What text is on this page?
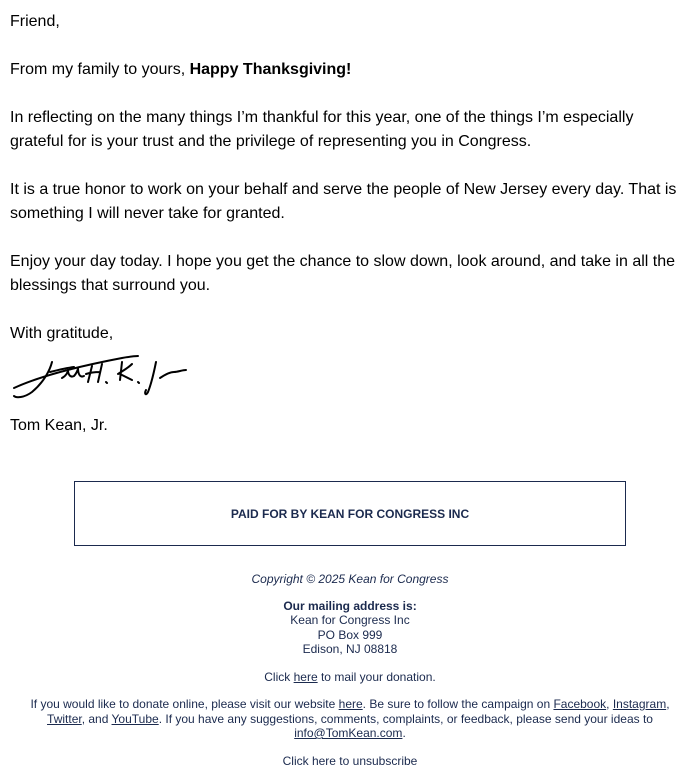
Friend,

From my family to yours, Happy Thanksgiving!

In reflecting on the many things I’m thankful for this year, one of the things I’m especially grateful for is your trust and the privilege of representing you in Congress.

It is a true honor to work on your behalf and serve the people of New Jersey every day. That is something I will never take for granted.

Enjoy your day today. I hope you get the chance to slow down, look around, and take in all the blessings that surround you.

With gratitude,

Tom Kean, Jr.

PAID FOR BY KEAN FOR CONGRESS INC
Copyright © 2025 Kean for Congress
Our mailing address is:
Kean for Congress Inc
PO Box 999
Edison, NJ 08818
Click here to mail your donation.
If you would like to donate online, please visit our website here. Be sure to follow the campaign on Facebook, Instagram, Twitter, and YouTube. If you have any suggestions, comments, complaints, or feedback, please send your ideas to info@TomKean.com.
Click here to unsubscribe
